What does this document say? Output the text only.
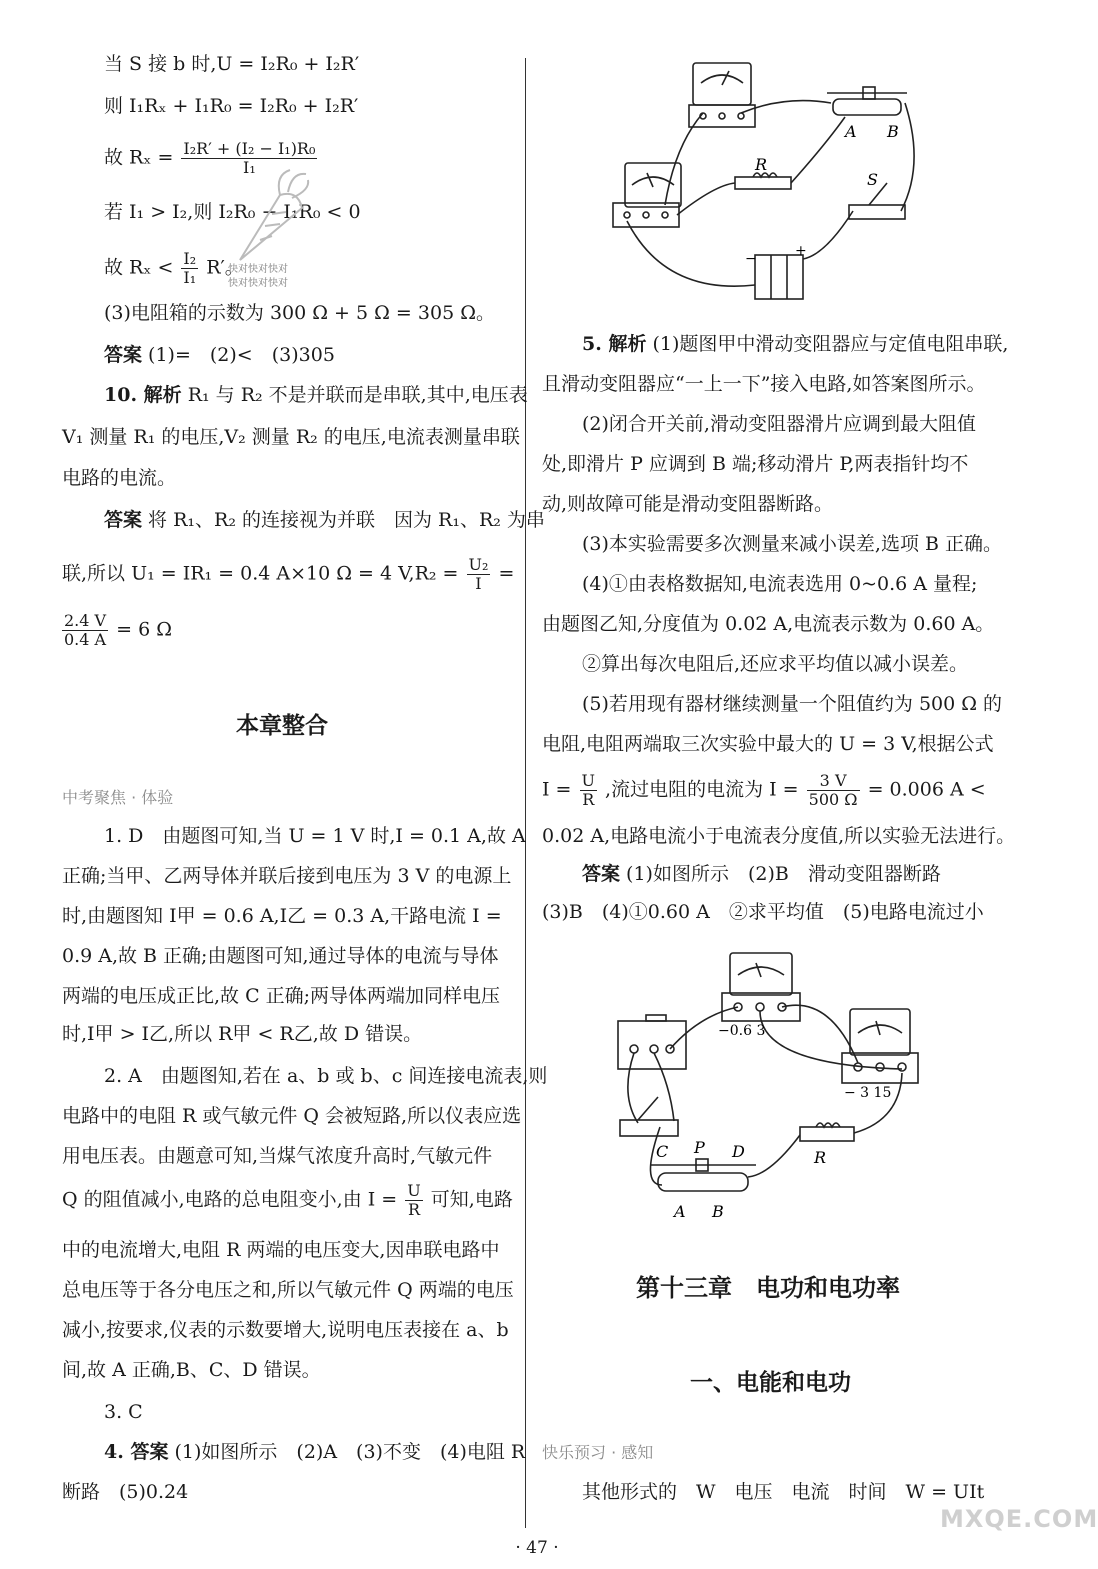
当 S 接 b 时,U = I₂R₀ + I₂R′
则 I₁Rₓ + I₁R₀ = I₂R₀ + I₂R′
故 $R_x = \frac{\text{I₂R′ + (I₂ − I₁)R₀}}{\text{I₁}}$
若 I₁ > I₂,则 I₂R₀ − I₁R₀ < 0
故 $R_x < \frac{\text{I₂}}{\text{I₁}} R'$。
快对快对快对
快对快对快对
(3)电阻箱的示数为 300 Ω + 5 Ω = 305 Ω。
答案 (1)=　(2)<　(3)305
10. 解析 R₁ 与 R₂ 不是并联而是串联,其中,电压表
V₁ 测量 R₁ 的电压,V₂ 测量 R₂ 的电压,电流表测量串联
电路的电流。
答案 将 R₁、R₂ 的连接视为并联　因为 R₁、R₂ 为串
联,所以 U₁ = IR₁ = 0.4 A×10 Ω = 4 $V,R_2 = \frac{\text{U₂}}{I}$ =
$\frac{2.4 V}{0.4 A} = 6$ Ω
本章整合
中考聚焦 · 体验
1. D　由题图可知,当 U = 1 V 时,I = 0.1 A,故 A
正确;当甲、乙两导体并联后接到电压为 3 V 的电源上
时,由题图知 I甲 = 0.6 A,I乙 = 0.3 A,干路电流 I =
0.9 A,故 B 正确;由题图可知,通过导体的电流与导体
两端的电压成正比,故 C 正确;两导体两端加同样电压
时,I甲 > I乙,所以 R甲 < R乙,故 D 错误。
2. A　由题图知,若在 a、b 或 b、c 间连接电流表,则
电路中的电阻 R 或气敏元件 Q 会被短路,所以仪表应选
用电压表。由题意可知,当煤气浓度升高时,气敏元件
Q 的阻值减小,电路的总电阻变小,由 $I = \frac{U}{R}$ 可知,电路
中的电流增大,电阻 R 两端的电压变大,因串联电路中
总电压等于各分电压之和,所以气敏元件 Q 两端的电压
减小,按要求,仪表的示数要增大,说明电压表接在 a、b
间,故 A 正确,B、C、D 错误。
3. C
4. 答案 (1)如图所示　(2)A　(3)不变　(4)电阻 R
断路　(5)0.24
R
A B
S
+
−
5. 解析 (1)题图甲中滑动变阻器应与定值电阻串联,
且滑动变阻器应“一上一下”接入电路,如答案图所示。
(2)闭合开关前,滑动变阻器滑片应调到最大阻值
处,即滑片 P 应调到 B 端;移动滑片 P,两表指针均不
动,则故障可能是滑动变阻器断路。
(3)本实验需要多次测量来减小误差,选项 B 正确。
(4)①由表格数据知,电流表选用 0~0.6 A 量程;
由题图乙知,分度值为 0.02 A,电流表示数为 0.60 A。
②算出每次电阻后,还应求平均值以减小误差。
(5)若用现有器材继续测量一个阻值约为 500 Ω 的
电阻,电阻两端取三次实验中最大的 U = 3 V,根据公式
$I = \frac{U}{R}$ ,流过电阻的电流为 $I = \frac{3 V}{500 \Omega} = 0.006$ A <
0.02 A,电路电流小于电流表分度值,所以实验无法进行。
答案 (1)如图所示　(2)B　滑动变阻器断路
(3)B　(4)①0.60 A　②求平均值　(5)电路电流过小
−0.6 3
− 3 15
R
C P D
A B
第十三章　电功和电功率
一、电能和电功
快乐预习 · 感知
其他形式的　W　电压　电流　时间　W = UIt
MXQE.COM
· 47 ·
